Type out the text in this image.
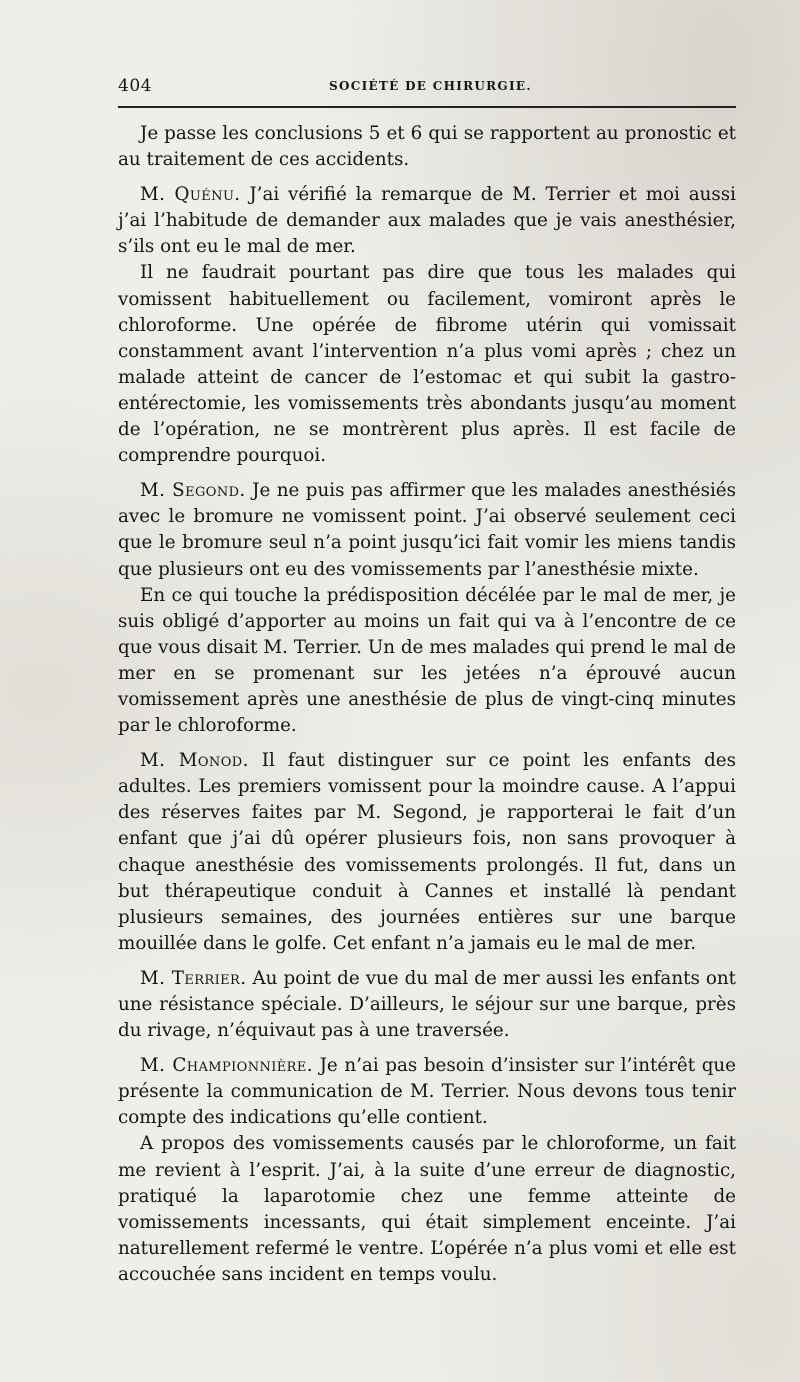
404	SOCIÉTÉ DE CHIRURGIE.

Je passe les conclusions 5 et 6 qui se rapportent au pronostic et au traitement de ces accidents.

M. Quénu. J’ai vérifié la remarque de M. Terrier et moi aussi j’ai l’habitude de demander aux malades que je vais anesthésier, s’ils ont eu le mal de mer.

Il ne faudrait pourtant pas dire que tous les malades qui vomissent habituellement ou facilement, vomiront après le chloroforme. Une opérée de fibrome utérin qui vomissait constamment avant l’intervention n’a plus vomi après ; chez un malade atteint de cancer de l’estomac et qui subit la gastro-entérectomie, les vomissements très abondants jusqu’au moment de l’opération, ne se montrèrent plus après. Il est facile de comprendre pourquoi.

M. Segond. Je ne puis pas affirmer que les malades anesthésiés avec le bromure ne vomissent point. J’ai observé seulement ceci que le bromure seul n’a point jusqu’ici fait vomir les miens tandis que plusieurs ont eu des vomissements par l’anesthésie mixte.

En ce qui touche la prédisposition décélée par le mal de mer, je suis obligé d’apporter au moins un fait qui va à l’encontre de ce que vous disait M. Terrier. Un de mes malades qui prend le mal de mer en se promenant sur les jetées n’a éprouvé aucun vomissement après une anesthésie de plus de vingt-cinq minutes par le chloroforme.

M. Monod. Il faut distinguer sur ce point les enfants des adultes. Les premiers vomissent pour la moindre cause. A l’appui des réserves faites par M. Segond, je rapporterai le fait d’un enfant que j’ai dû opérer plusieurs fois, non sans provoquer à chaque anesthésie des vomissements prolongés. Il fut, dans un but thérapeutique conduit à Cannes et installé là pendant plusieurs semaines, des journées entières sur une barque mouillée dans le golfe. Cet enfant n’a jamais eu le mal de mer.

M. Terrier. Au point de vue du mal de mer aussi les enfants ont une résistance spéciale. D’ailleurs, le séjour sur une barque, près du rivage, n’équivaut pas à une traversée.

M. Championnière. Je n’ai pas besoin d’insister sur l’intérêt que présente la communication de M. Terrier. Nous devons tous tenir compte des indications qu’elle contient.

A propos des vomissements causés par le chloroforme, un fait me revient à l’esprit. J’ai, à la suite d’une erreur de diagnostic, pratiqué la laparotomie chez une femme atteinte de vomissements incessants, qui était simplement enceinte. J’ai naturellement refermé le ventre. L’opérée n’a plus vomi et elle est accouchée sans incident en temps voulu.
